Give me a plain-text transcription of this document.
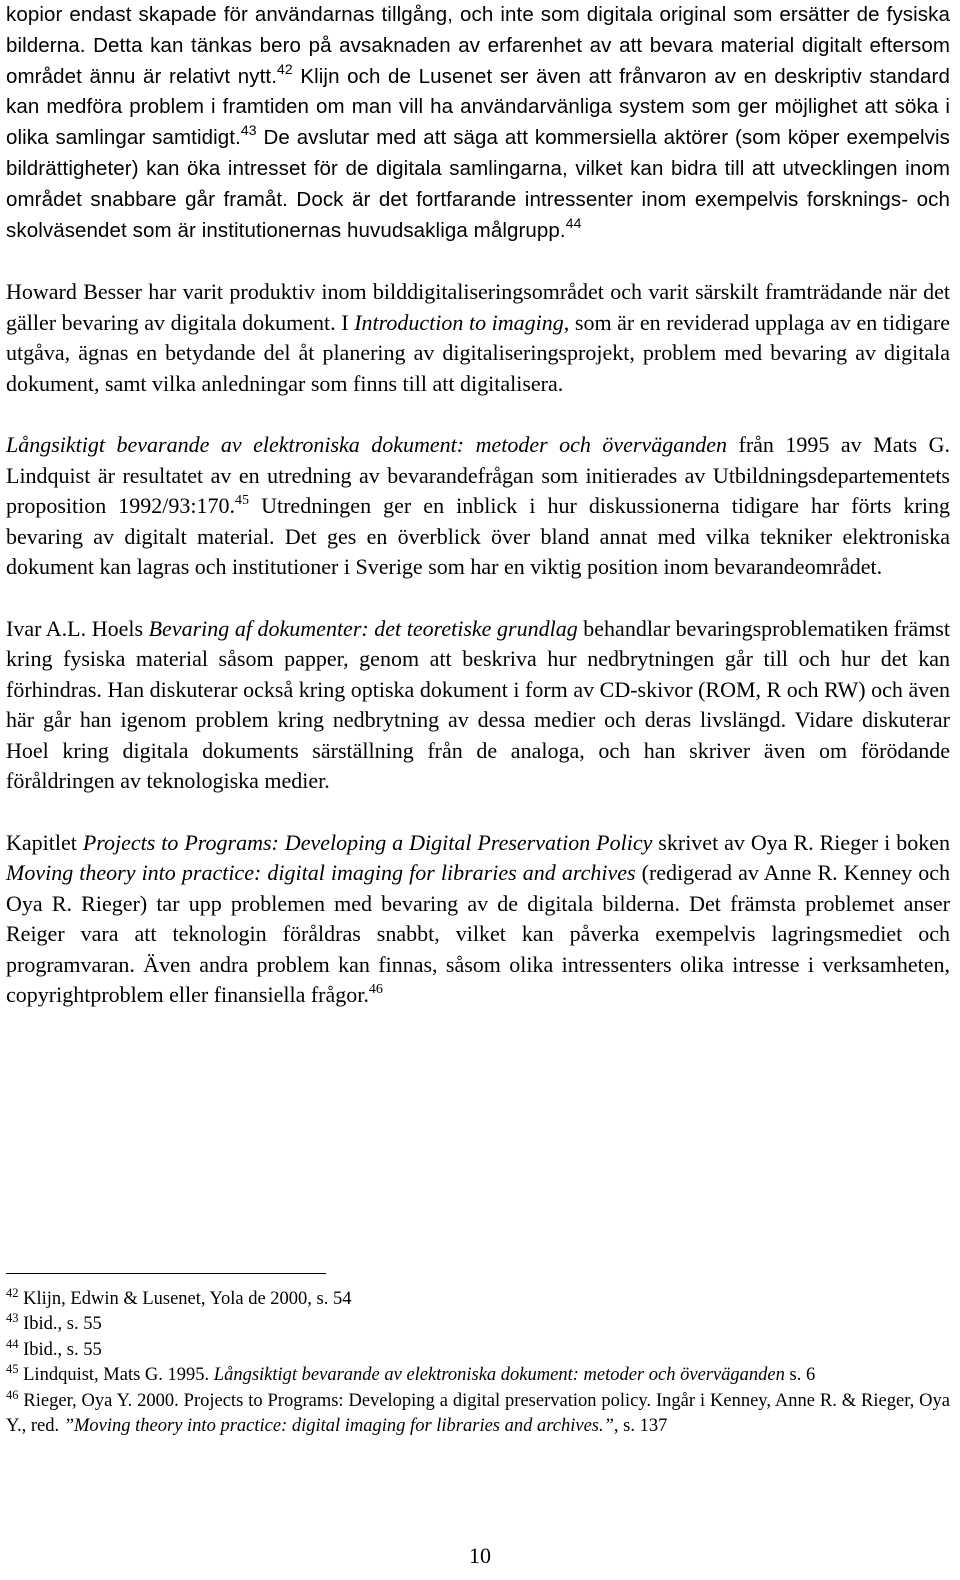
kopior endast skapade för användarnas tillgång, och inte som digitala original som ersätter de fysiska bilderna. Detta kan tänkas bero på avsaknaden av erfarenhet av att bevara material digitalt eftersom området ännu är relativt nytt.$^{42}$ Klijn och de Lusenet ser även att frånvaron av en deskriptiv standard kan medföra problem i framtiden om man vill ha användarvänliga system som ger möjlighet att söka i olika samlingar samtidigt.$^{43}$ De avslutar med att säga att kommersiella aktörer (som köper exempelvis bildrättigheter) kan öka intresset för de digitala samlingarna, vilket kan bidra till att utvecklingen inom området snabbare går framåt. Dock är det fortfarande intressenter inom exempelvis forsknings- och skolväsendet som är institutionernas huvudsakliga målgrupp.$^{44}$

Howard Besser har varit produktiv inom bilddigitaliseringsområdet och varit särskilt framträdande när det gäller bevaring av digitala dokument. I Introduction to imaging, som är en reviderad upplaga av en tidigare utgåva, ägnas en betydande del åt planering av digitaliseringsprojekt, problem med bevaring av digitala dokument, samt vilka anledningar som finns till att digitalisera.

Långsiktigt bevarande av elektroniska dokument: metoder och överväganden från 1995 av Mats G. Lindquist är resultatet av en utredning av bevarandefrågan som initierades av Utbildningsdepartementets proposition 1992/93:170.45 Utredningen ger en inblick i hur diskussionerna tidigare har förts kring bevaring av digitalt material. Det ges en överblick över bland annat med vilka tekniker elektroniska dokument kan lagras och institutioner i Sverige som har en viktig position inom bevarandeområdet.

Ivar A.L. Hoels Bevaring af dokumenter: det teoretiske grundlag behandlar bevaringsproblematiken främst kring fysiska material såsom papper, genom att beskriva hur nedbrytningen går till och hur det kan förhindras. Han diskuterar också kring optiska dokument i form av CD-skivor (ROM, R och RW) och även här går han igenom problem kring nedbrytning av dessa medier och deras livslängd. Vidare diskuterar Hoel kring digitala dokuments särställning från de analoga, och han skriver även om förödande föråldringen av teknologiska medier.

Kapitlet Projects to Programs: Developing a Digital Preservation Policy skrivet av Oya R. Rieger i boken Moving theory into practice: digital imaging for libraries and archives (redigerad av Anne R. Kenney och Oya R. Rieger) tar upp problemen med bevaring av de digitala bilderna. Det främsta problemet anser Reiger vara att teknologin föråldras snabbt, vilket kan påverka exempelvis lagringsmediet och programvaran. Även andra problem kan finnas, såsom olika intressenters olika intresse i verksamheten, copyrightproblem eller finansiella frågor.$^{46}$

$^{42}$ Klijn, Edwin & Lusenet, Yola de 2000, s. 54

$^{43}$ Ibid., s. 55

$^{44}$ Ibid., s. 55

$^{45}$ Lindquist, Mats G. 1995. Långsiktigt bevarande av elektroniska dokument: metoder och överväganden s. 6

$^{46}$ Rieger, Oya Y. 2000. Projects to Programs: Developing a digital preservation policy. Ingår i Kenney, Anne R. & Rieger, Oya Y., red. ”Moving theory into practice: digital imaging for libraries and archives.”, s. 137

10
